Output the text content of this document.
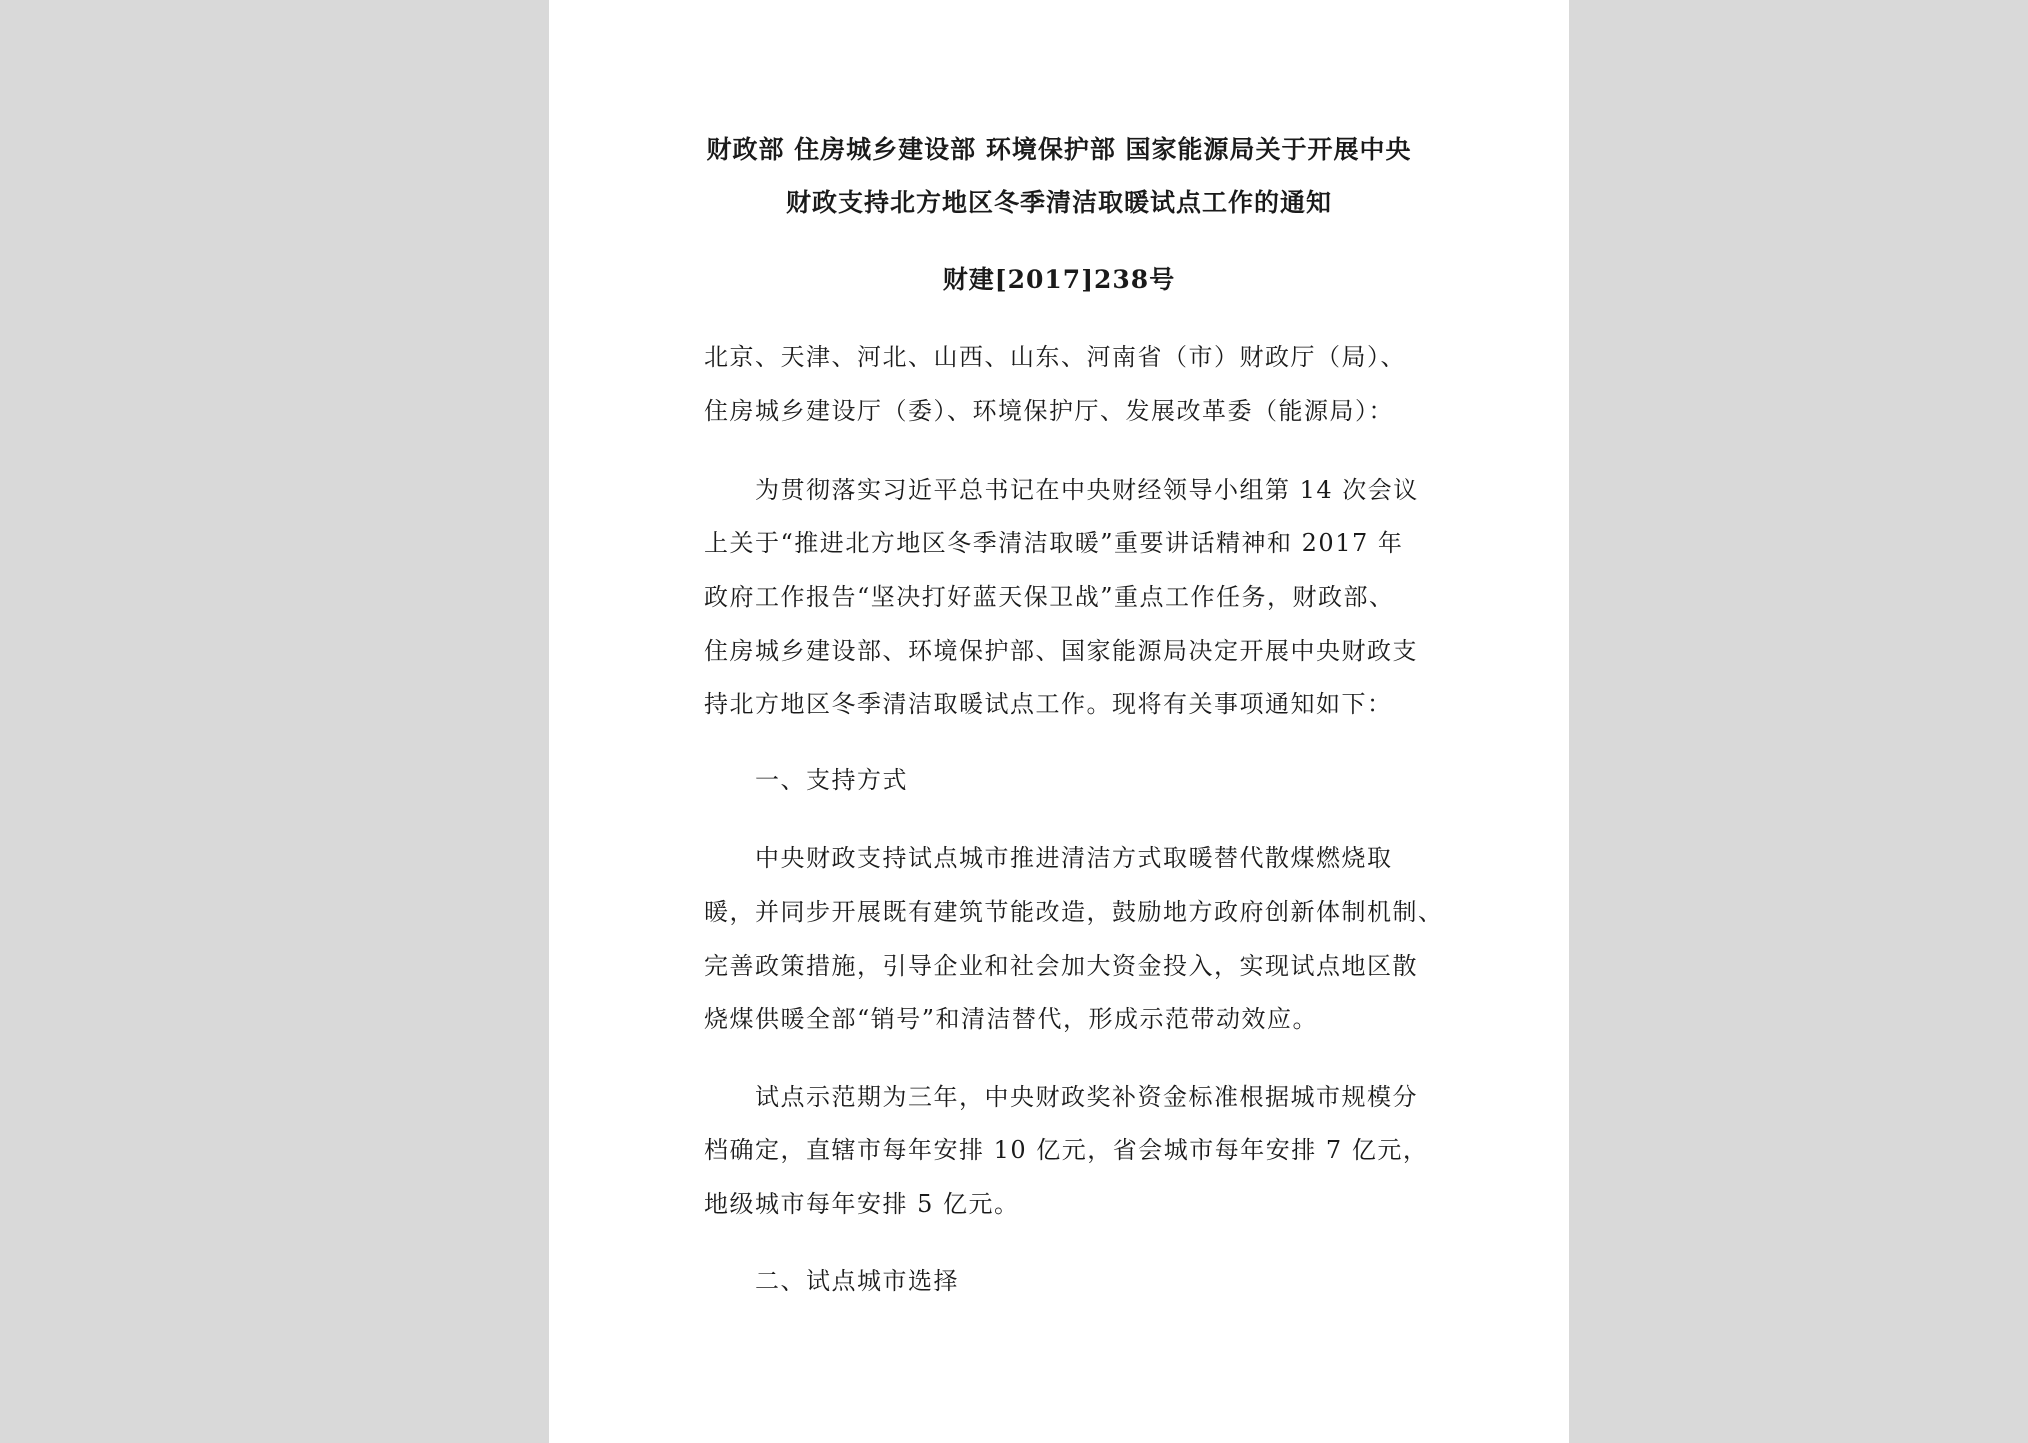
财政部 住房城乡建设部 环境保护部 国家能源局关于开展中央
财政支持北方地区冬季清洁取暖试点工作的通知
财建[2017]238号
北京、天津、河北、山西、山东、河南省（市）财政厅（局）、
住房城乡建设厅（委）、环境保护厅、发展改革委（能源局）：
为贯彻落实习近平总书记在中央财经领导小组第 14 次会议
上关于“推进北方地区冬季清洁取暖”重要讲话精神和 2017 年
政府工作报告“坚决打好蓝天保卫战”重点工作任务，财政部、
住房城乡建设部、环境保护部、国家能源局决定开展中央财政支
持北方地区冬季清洁取暖试点工作。现将有关事项通知如下：
一、支持方式
中央财政支持试点城市推进清洁方式取暖替代散煤燃烧取
暖，并同步开展既有建筑节能改造，鼓励地方政府创新体制机制、
完善政策措施，引导企业和社会加大资金投入，实现试点地区散
烧煤供暖全部“销号”和清洁替代，形成示范带动效应。
试点示范期为三年，中央财政奖补资金标准根据城市规模分
档确定，直辖市每年安排 10 亿元，省会城市每年安排 7 亿元，
地级城市每年安排 5 亿元。
二、试点城市选择
